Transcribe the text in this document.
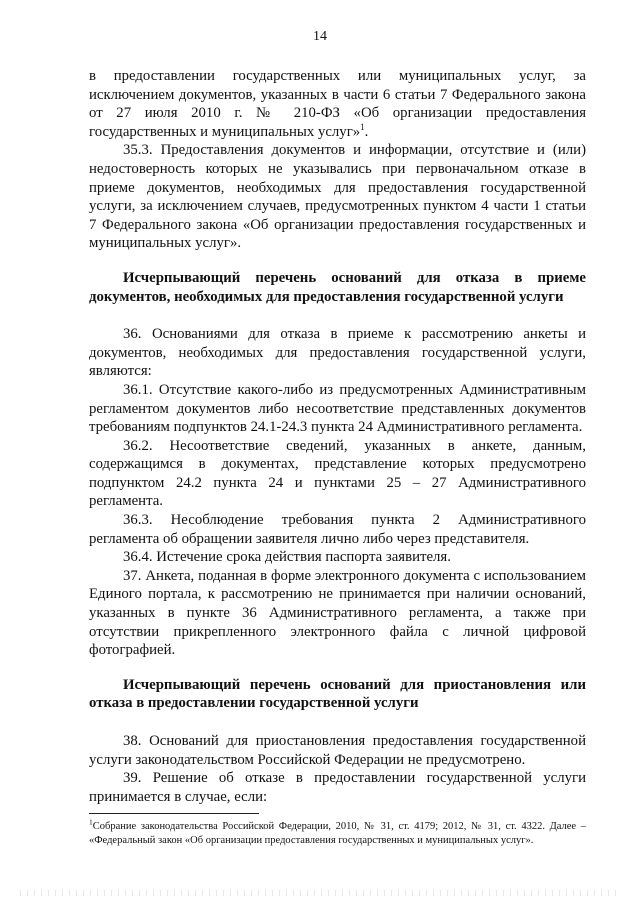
14

в предоставлении государственных или муниципальных услуг, за исключением документов, указанных в части 6 статьи 7 Федерального закона от 27 июля 2010 г. № 210-ФЗ «Об организации предоставления государственных и муниципальных услуг»$^1$.

35.3. Предоставления документов и информации, отсутствие и (или) недостоверность которых не указывались при первоначальном отказе в приеме документов, необходимых для предоставления государственной услуги, за исключением случаев, предусмотренных пунктом 4 части 1 статьи 7 Федерального закона «Об организации предоставления государственных и муниципальных услуг».

Исчерпывающий перечень оснований для отказа в приеме документов, необходимых для предоставления государственной услуги

36. Основаниями для отказа в приеме к рассмотрению анкеты и документов, необходимых для предоставления государственной услуги, являются:

36.1. Отсутствие какого-либо из предусмотренных Административным регламентом документов либо несоответствие представленных документов требованиям подпунктов 24.1-24.3 пункта 24 Административного регламента.

36.2. Несоответствие сведений, указанных в анкете, данным, содержащимся в документах, представление которых предусмотрено подпунктом 24.2 пункта 24 и пунктами 25 – 27 Административного регламента.

36.3. Несоблюдение требования пункта 2 Административного регламента об обращении заявителя лично либо через представителя.

36.4. Истечение срока действия паспорта заявителя.

37. Анкета, поданная в форме электронного документа с использованием Единого портала, к рассмотрению не принимается при наличии оснований, указанных в пункте 36 Административного регламента, а также при отсутствии прикрепленного электронного файла с личной цифровой фотографией.

Исчерпывающий перечень оснований для приостановления или отказа в предоставлении государственной услуги

38. Оснований для приостановления предоставления государственной услуги законодательством Российской Федерации не предусмотрено.

39. Решение об отказе в предоставлении государственной услуги принимается в случае, если:

$^1$Собрание законодательства Российской Федерации, 2010, № 31, ст. 4179; 2012, № 31, ст. 4322. Далее – «Федеральный закон «Об организации предоставления государственных и муниципальных услуг».
